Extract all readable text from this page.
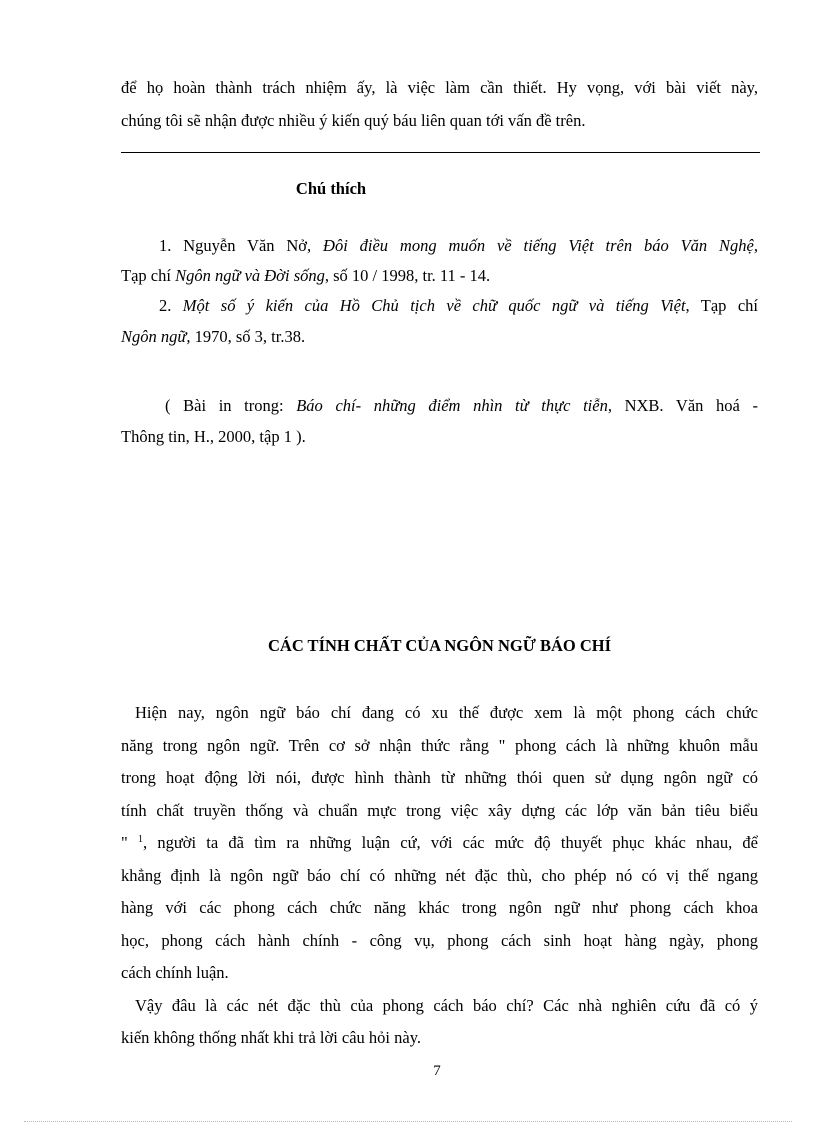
để họ hoàn thành trách nhiệm ấy, là việc làm cần thiết. Hy vọng, với bài viết này,
chúng tôi sẽ nhận được nhiều ý kiến quý báu liên quan tới vấn đề trên.
Chú thích
1. Nguyễn Văn Nở, Đôi điều mong muốn về tiếng Việt trên báo Văn Nghệ,
Tạp chí Ngôn ngữ và Đời sống, số 10 / 1998, tr. 11 - 14.
2. Một số ý kiến của Hồ Chủ tịch về chữ quốc ngữ và tiếng Việt, Tạp chí
Ngôn ngữ, 1970, số 3, tr.38.
( Bài in trong: Báo chí- những điểm nhìn từ thực tiễn, NXB. Văn hoá -
Thông tin, H., 2000, tập 1 ).
CÁC TÍNH CHẤT CỦA NGÔN NGỮ BÁO CHÍ
Hiện nay, ngôn ngữ báo chí đang có xu thế được xem là một phong cách chức
năng trong ngôn ngữ. Trên cơ sở nhận thức rằng " phong cách là những khuôn mẫu
trong hoạt động lời nói, được hình thành từ những thói quen sử dụng ngôn ngữ có
tính chất truyền thống và chuẩn mực trong việc xây dựng các lớp văn bản tiêu biểu
" $^1$, người ta đã tìm ra những luận cứ, với các mức độ thuyết phục khác nhau, để
khẳng định là ngôn ngữ báo chí có những nét đặc thù, cho phép nó có vị thế ngang
hàng với các phong cách chức năng khác trong ngôn ngữ như phong cách khoa
học, phong cách hành chính - công vụ, phong cách sinh hoạt hàng ngày, phong
cách chính luận.
Vậy đâu là các nét đặc thù của phong cách báo chí? Các nhà nghiên cứu đã có ý
kiến không thống nhất khi trả lời câu hỏi này.
7
